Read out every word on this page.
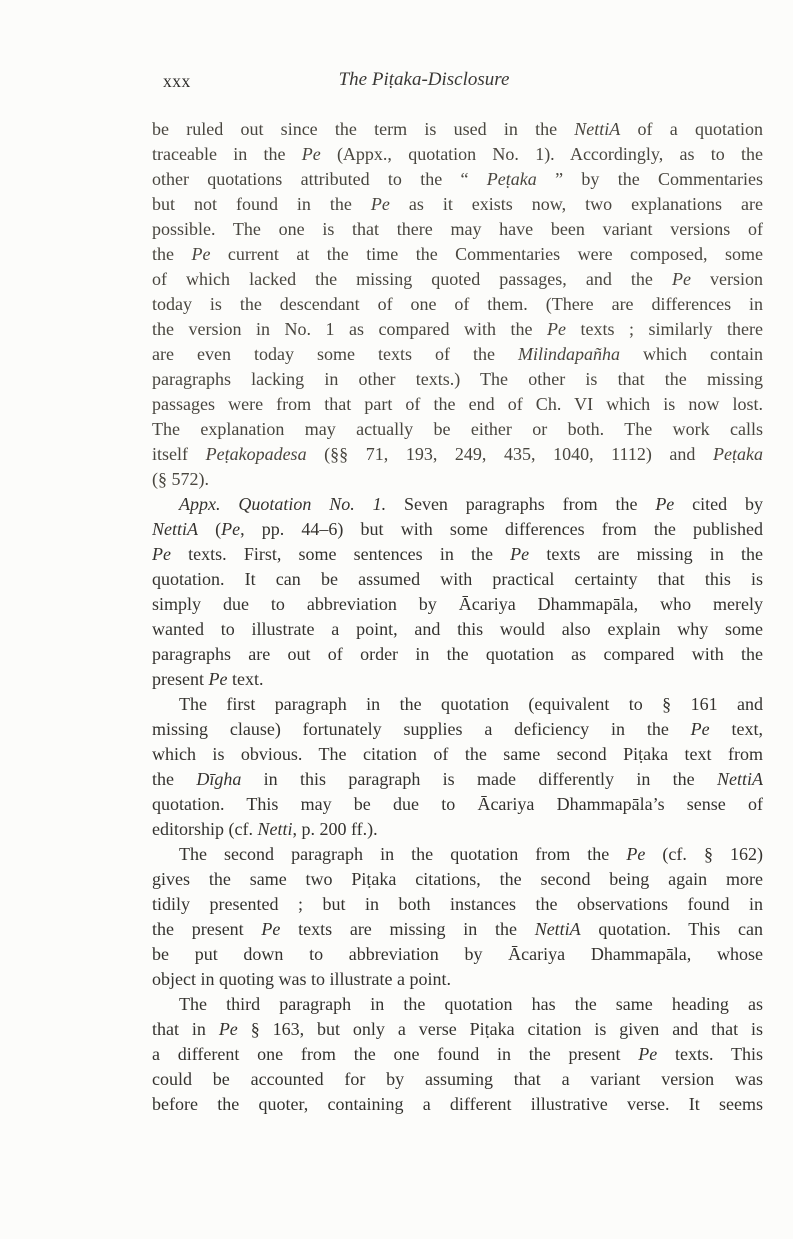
xxx	The Piṭaka-Disclosure
be ruled out since the term is used in the NettiA of a quotation
traceable in the Pe (Appx., quotation No. 1). Accordingly, as to the
other quotations attributed to the “ Peṭaka ” by the Commentaries
but not found in the Pe as it exists now, two explanations are
possible. The one is that there may have been variant versions of
the Pe current at the time the Commentaries were composed, some
of which lacked the missing quoted passages, and the Pe version
today is the descendant of one of them. (There are differences in
the version in No. 1 as compared with the Pe texts ; similarly there
are even today some texts of the Milindapañha which contain
paragraphs lacking in other texts.) The other is that the missing
passages were from that part of the end of Ch. VI which is now lost.
The explanation may actually be either or both. The work calls
itself Peṭakopadesa (§§ 71, 193, 249, 435, 1040, 1112) and Peṭaka
(§ 572).
Appx. Quotation No. 1. Seven paragraphs from the Pe cited by
NettiA (Pe, pp. 44–6) but with some differences from the published
Pe texts. First, some sentences in the Pe texts are missing in the
quotation. It can be assumed with practical certainty that this is
simply due to abbreviation by Ācariya Dhammapāla, who merely
wanted to illustrate a point, and this would also explain why some
paragraphs are out of order in the quotation as compared with the
present Pe text.
The first paragraph in the quotation (equivalent to § 161 and
missing clause) fortunately supplies a deficiency in the Pe text,
which is obvious. The citation of the same second Piṭaka text from
the Dīgha in this paragraph is made differently in the NettiA
quotation. This may be due to Ācariya Dhammapāla’s sense of
editorship (cf. Netti, p. 200 ff.).
The second paragraph in the quotation from the Pe (cf. § 162)
gives the same two Piṭaka citations, the second being again more
tidily presented ; but in both instances the observations found in
the present Pe texts are missing in the NettiA quotation. This can
be put down to abbreviation by Ācariya Dhammapāla, whose
object in quoting was to illustrate a point.
The third paragraph in the quotation has the same heading as
that in Pe § 163, but only a verse Piṭaka citation is given and that is
a different one from the one found in the present Pe texts. This
could be accounted for by assuming that a variant version was
before the quoter, containing a different illustrative verse. It seems
